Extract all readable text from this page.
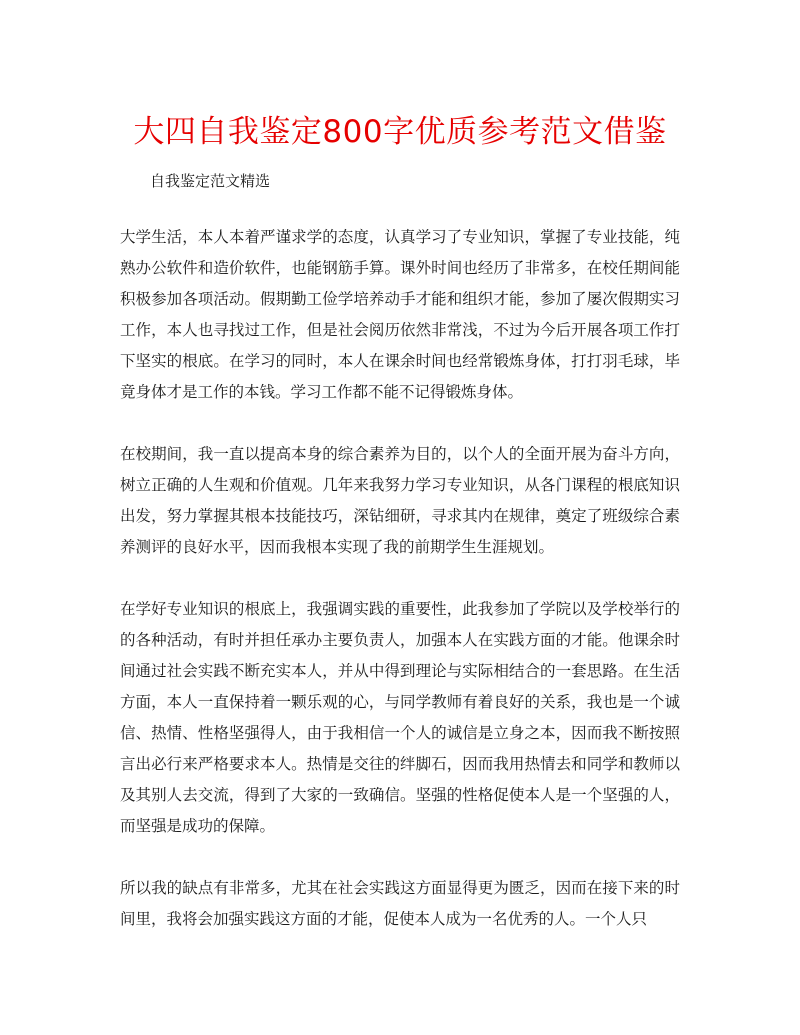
大四自我鉴定800字优质参考范文借鉴

自我鉴定范文精选

大学生活，本人本着严谨求学的态度，认真学习了专业知识，掌握了专业技能，纯熟办公软件和造价软件，也能钢筋手算。课外时间也经历了非常多，在校任期间能积极参加各项活动。假期勤工俭学培养动手才能和组织才能，参加了屡次假期实习工作，本人也寻找过工作，但是社会阅历依然非常浅，不过为今后开展各项工作打下坚实的根底。在学习的同时，本人在课余时间也经常锻炼身体，打打羽毛球，毕竟身体才是工作的本钱。学习工作都不能不记得锻炼身体。

在校期间，我一直以提高本身的综合素养为目的，以个人的全面开展为奋斗方向，树立正确的人生观和价值观。几年来我努力学习专业知识，从各门课程的根底知识出发，努力掌握其根本技能技巧，深钻细研，寻求其内在规律，奠定了班级综合素养测评的良好水平，因而我根本实现了我的前期学生生涯规划。

在学好专业知识的根底上，我强调实践的重要性，此我参加了学院以及学校举行的的各种活动，有时并担任承办主要负责人，加强本人在实践方面的才能。他课余时间通过社会实践不断充实本人，并从中得到理论与实际相结合的一套思路。在生活方面，本人一直保持着一颗乐观的心，与同学教师有着良好的关系，我也是一个诚信、热情、性格坚强得人，由于我相信一个人的诚信是立身之本，因而我不断按照言出必行来严格要求本人。热情是交往的绊脚石，因而我用热情去和同学和教师以及其别人去交流，得到了大家的一致确信。坚强的性格促使本人是一个坚强的人，而坚强是成功的保障。

所以我的缺点有非常多，尤其在社会实践这方面显得更为匮乏，因而在接下来的时间里，我将会加强实践这方面的才能，促使本人成为一名优秀的人。一个人只
